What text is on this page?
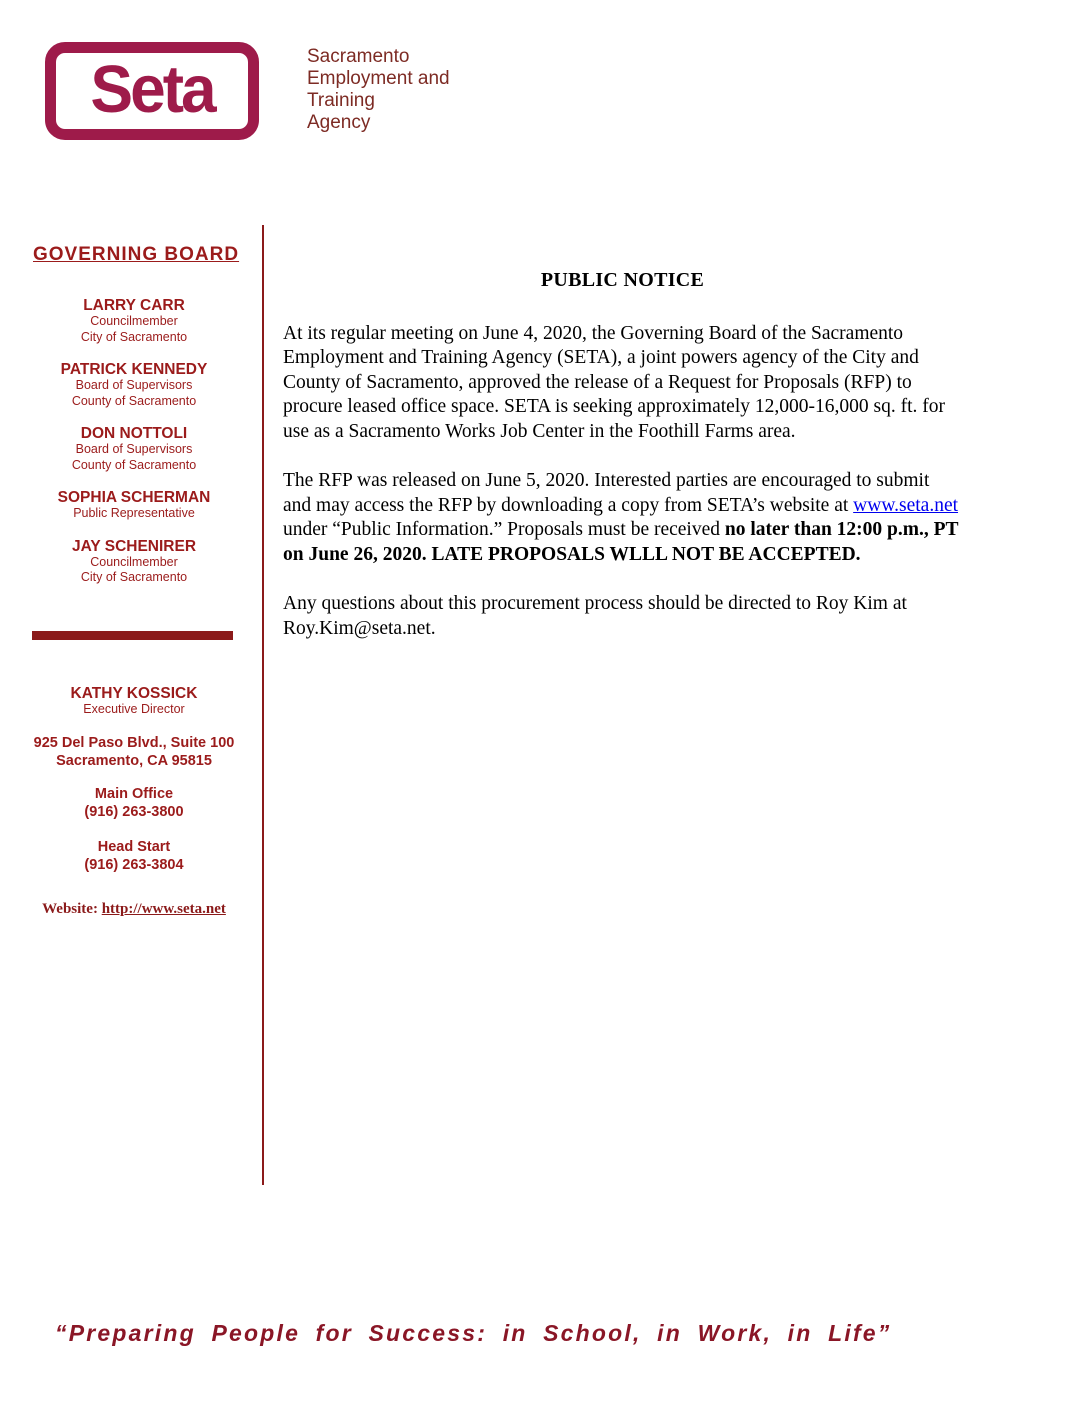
Seta	Sacramento
Employment and
Training
Agency
GOVERNING BOARD
LARRY CARR
Councilmember
City of Sacramento
PATRICK KENNEDY
Board of Supervisors
County of Sacramento
DON NOTTOLI
Board of Supervisors
County of Sacramento
SOPHIA SCHERMAN
Public Representative
JAY SCHENIRER
Councilmember
City of Sacramento
KATHY KOSSICK
Executive Director
925 Del Paso Blvd., Suite 100
Sacramento, CA 95815
Main Office
(916) 263-3800
Head Start
(916) 263-3804
Website: http://www.seta.net
PUBLIC NOTICE

At its regular meeting on June 4, 2020, the Governing Board of the Sacramento Employment and Training Agency (SETA), a joint powers agency of the City and County of Sacramento, approved the release of a Request for Proposals (RFP) to procure leased office space. SETA is seeking approximately 12,000-16,000 sq. ft. for use as a Sacramento Works Job Center in the Foothill Farms area.

The RFP was released on June 5, 2020. Interested parties are encouraged to submit and may access the RFP by downloading a copy from SETA’s website at www.seta.net under “Public Information.” Proposals must be received no later than 12:00 p.m., PT on June 26, 2020. LATE PROPOSALS WLLL NOT BE ACCEPTED.

Any questions about this procurement process should be directed to Roy Kim at Roy.Kim@seta.net.

“Preparing People for Success: in School, in Work, in Life”
